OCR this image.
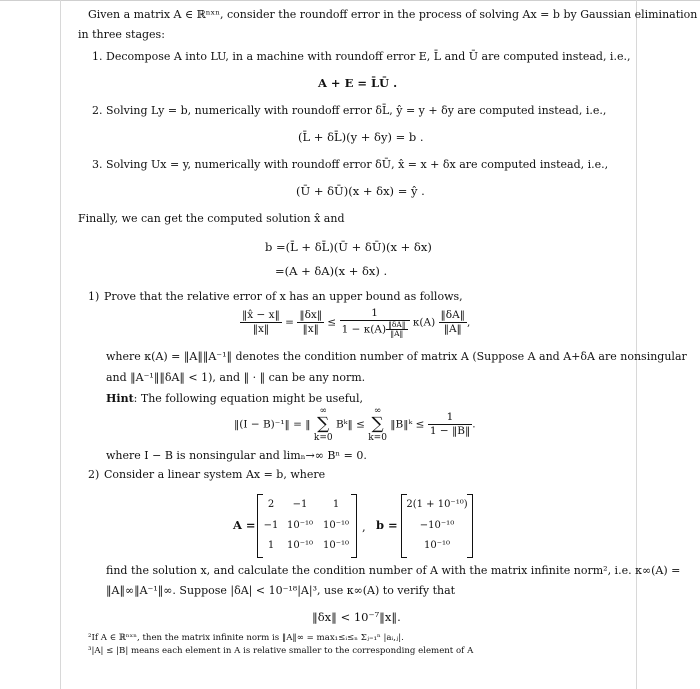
Given a matrix A ∈ ℝⁿˣⁿ, consider the roundoff error in the process of solving Ax = b by Gaussian elimination
in three stages:
1. Decompose A into LU, in a machine with roundoff error E, L̄ and Ū are computed instead, i.e.,
A + E = L̄Ū .
2. Solving Ly = b, numerically with roundoff error δL̄, ŷ = y + δy are computed instead, i.e.,
(L̄ + δL̄)(y + δy) = b .
3. Solving Ux = y, numerically with roundoff error δŪ, x̂ = x + δx are computed instead, i.e.,
(Ū + δŪ)(x + δx) = ŷ .
Finally, we can get the computed solution x̂ and
b =(L̄ + δL̄)(Ū + δŪ)(x + δx)
=(A + δA)(x + δx) .
1) Prove that the relative error of x has an upper bound as follows,
$\frac{‖x̂ - x‖}{‖x‖} = \frac{‖\delta x‖}{‖x‖} \le \frac{1}{1 - \kappa(A) \frac{‖\delta A‖}{‖A‖}} \kappa(A) \frac{‖\delta A‖}{‖A‖}$ ,
where κ(A) = ‖A‖‖A⁻¹‖ denotes the condition number of matrix A (Suppose A and A+δA are nonsingular
and ‖A⁻¹‖‖δA‖ < 1), and ‖ · ‖ can be any norm.
Hint: The following equation might be useful,
‖(I − B)⁻¹‖ = ‖ ∞
∑
k=0 Bᵏ‖ ≤ ∞
∑
k=0 ‖B‖ᵏ ≤ $\frac{1}{1 - ‖B‖}$ .
where I − B is nonsingular and limₙ→∞ Bⁿ = 0.
2) Consider a linear system Ax = b, where
A =
2	−1	1
−1 10⁻¹⁰ 10⁻¹⁰
1	10⁻¹⁰ 10⁻¹⁰
, b =
2(1 + 10⁻¹⁰)
−10⁻¹⁰
10⁻¹⁰
find the solution x, and calculate the condition number of A with the matrix infinite norm², i.e. κ∞(A) =
‖A‖∞‖A⁻¹‖∞. Suppose |δA| < 10⁻¹⁸|A|³, use κ∞(A) to verify that
‖δx‖ < 10⁻⁷‖x‖.
²If A ∈ ℝⁿˣⁿ, then the matrix infinite norm is ‖A‖∞ = max₁≤ᵢ≤ₙ Σⱼ₌₁ⁿ |aᵢ,ⱼ|.
³|A| ≤ |B| means each element in A is relative smaller to the corresponding element of A
